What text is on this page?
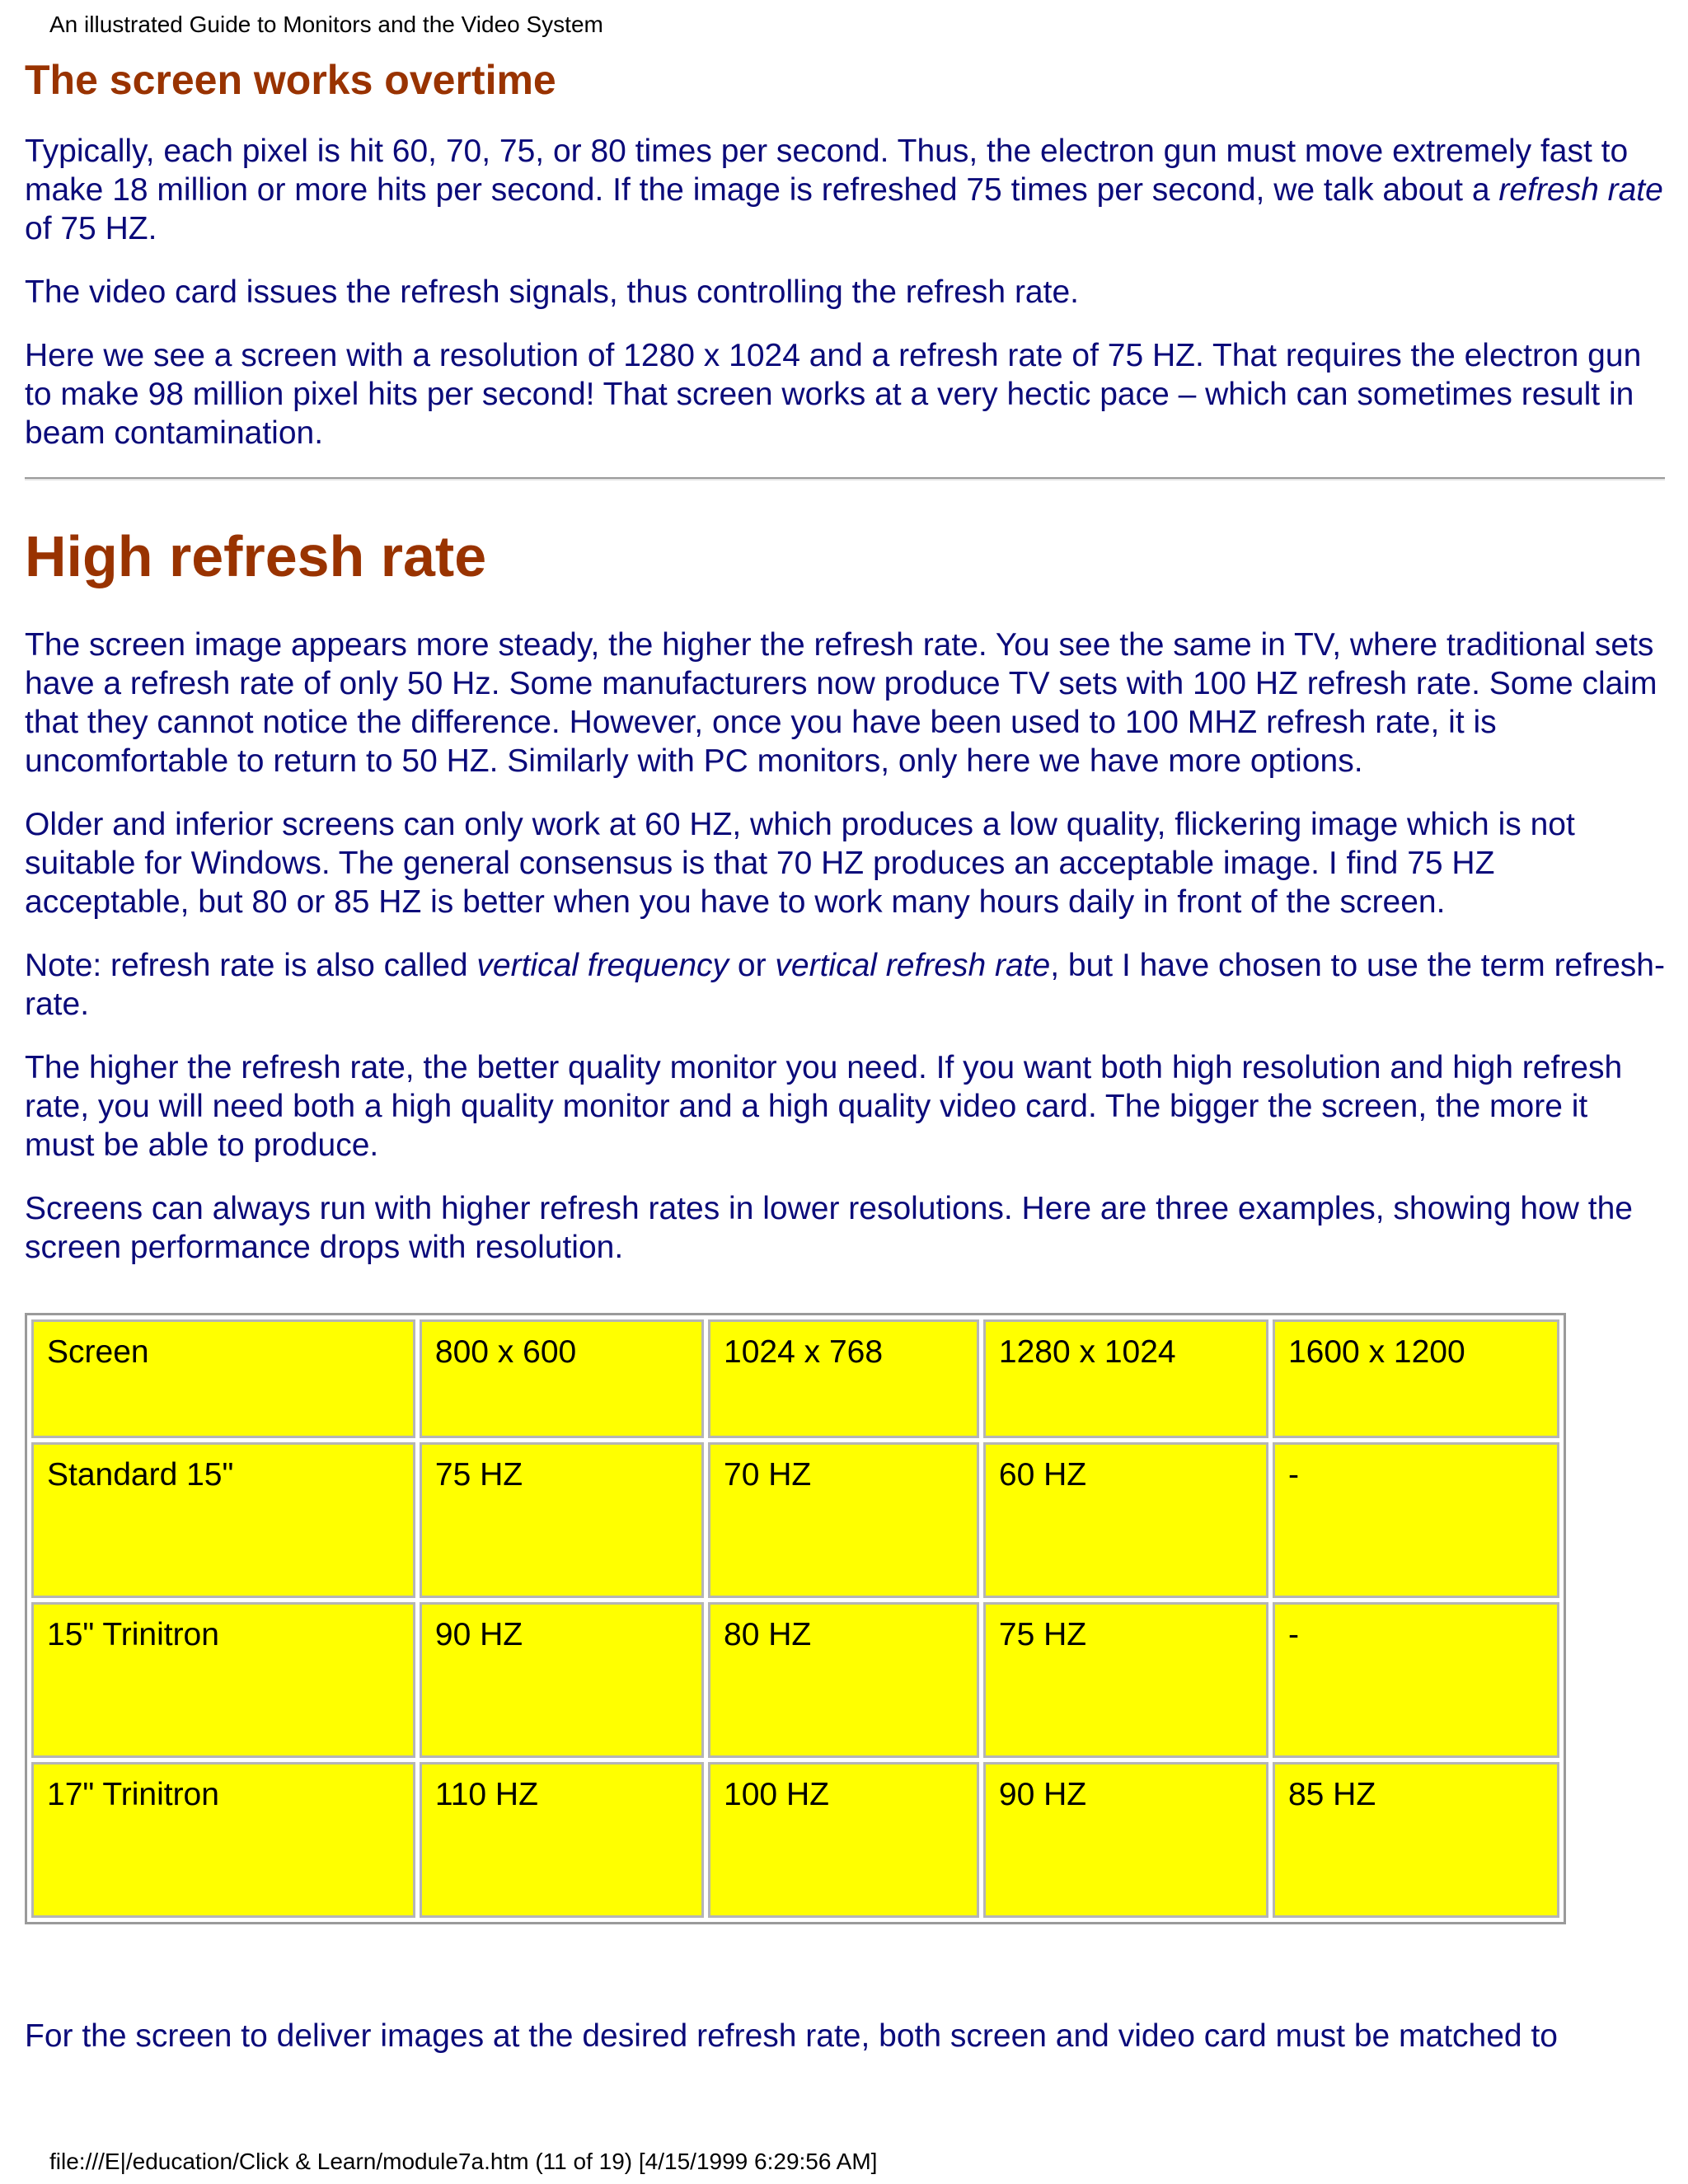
An illustrated Guide to Monitors and the Video System
The screen works overtime

Typically, each pixel is hit 60, 70, 75, or 80 times per second. Thus, the electron gun must move extremely fast to make 18 million or more hits per second. If the image is refreshed 75 times per second, we talk about a refresh rate of 75 HZ.

The video card issues the refresh signals, thus controlling the refresh rate.

Here we see a screen with a resolution of 1280 x 1024 and a refresh rate of 75 HZ. That requires the electron gun to make 98 million pixel hits per second! That screen works at a very hectic pace – which can sometimes result in beam contamination.

High refresh rate

The screen image appears more steady, the higher the refresh rate. You see the same in TV, where traditional sets have a refresh rate of only 50 Hz. Some manufacturers now produce TV sets with 100 HZ refresh rate. Some claim that they cannot notice the difference. However, once you have been used to 100 MHZ refresh rate, it is uncomfortable to return to 50 HZ. Similarly with PC monitors, only here we have more options.

Older and inferior screens can only work at 60 HZ, which produces a low quality, flickering image which is not suitable for Windows. The general consensus is that 70 HZ produces an acceptable image. I find 75 HZ acceptable, but 80 or 85 HZ is better when you have to work many hours daily in front of the screen.

Note: refresh rate is also called vertical frequency or vertical refresh rate, but I have chosen to use the term refresh-rate.

The higher the refresh rate, the better quality monitor you need. If you want both high resolution and high refresh rate, you will need both a high quality monitor and a high quality video card. The bigger the screen, the more it must be able to produce.

Screens can always run with higher refresh rates in lower resolutions. Here are three examples, showing how the screen performance drops with resolution.

Screen	800 x 600	1024 x 768	1280 x 1024	1600 x 1200
Standard 15"	75 HZ	70 HZ	60 HZ	-
15" Trinitron	90 HZ	80 HZ	75 HZ	-
17" Trinitron	110 HZ	100 HZ	90 HZ	85 HZ

For the screen to deliver images at the desired refresh rate, both screen and video card must be matched to

file:///E|/education/Click & Learn/module7a.htm (11 of 19) [4/15/1999 6:29:56 AM]
